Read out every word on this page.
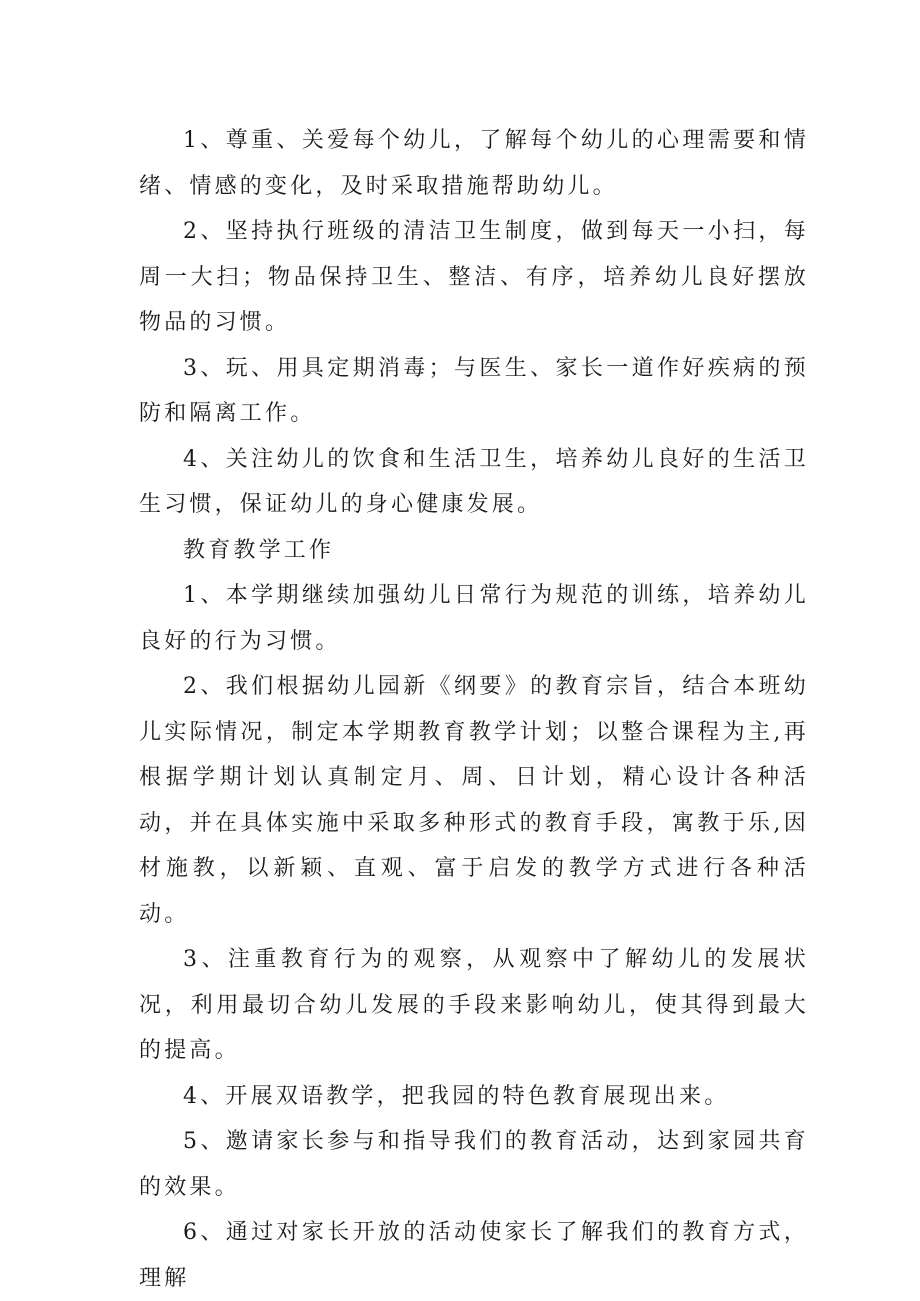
1、尊重、关爱每个幼儿，了解每个幼儿的心理需要和情绪、情感的变化，及时采取措施帮助幼儿。

2、坚持执行班级的清洁卫生制度，做到每天一小扫，每周一大扫；物品保持卫生、整洁、有序，培养幼儿良好摆放物品的习惯。

3、玩、用具定期消毒；与医生、家长一道作好疾病的预防和隔离工作。

4、关注幼儿的饮食和生活卫生，培养幼儿良好的生活卫生习惯，保证幼儿的身心健康发展。

教育教学工作

1、本学期继续加强幼儿日常行为规范的训练，培养幼儿良好的行为习惯。

2、我们根据幼儿园新《纲要》的教育宗旨，结合本班幼儿实际情况，制定本学期教育教学计划；以整合课程为主,再根据学期计划认真制定月、周、日计划，精心设计各种活动，并在具体实施中采取多种形式的教育手段，寓教于乐,因材施教，以新颖、直观、富于启发的教学方式进行各种活动。

3、注重教育行为的观察，从观察中了解幼儿的发展状况，利用最切合幼儿发展的手段来影响幼儿，使其得到最大的提高。

4、开展双语教学，把我园的特色教育展现出来。

5、邀请家长参与和指导我们的教育活动，达到家园共育的效果。

6、通过对家长开放的活动使家长了解我们的教育方式，理解
